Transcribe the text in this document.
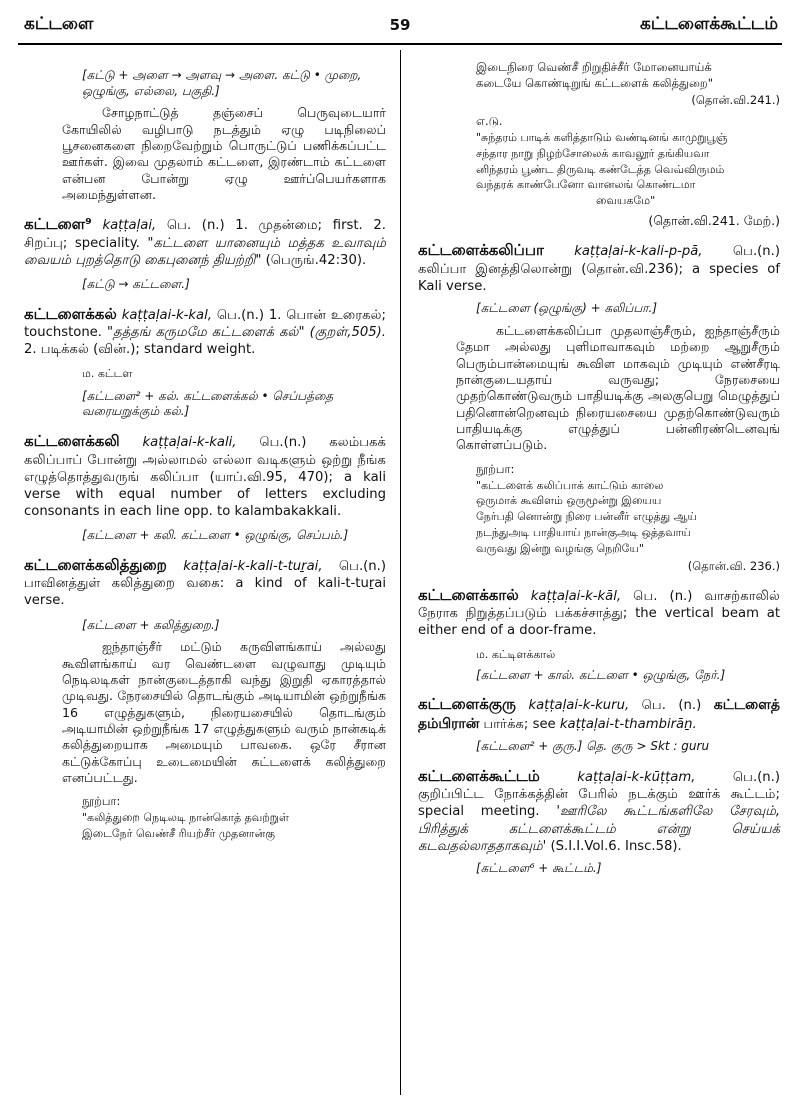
கட்டளை	59	கட்டளைக்கூட்டம்
[கட்டு + அளை → அளவு → அளை. கட்டு • முறை, ஒழுங்கு, எல்லை, பகுதி.]
சோழநாட்டுத் தஞ்சைப் பெருவுடையார் கோயிலில் வழிபாடு நடத்தும் ஏழு படிநிலைப் பூசனைகளை நிறைவேற்றும் பொருட்டுப் பணிக்கப்பட்ட ஊர்கள். இவை முதலாம் கட்டளை, இரண்டாம் கட்டளை என்பன போன்று ஏழு ஊர்ப்பெயர்களாக அமைந்துள்ளன.
கட்டளை⁹ kaṭṭaḷai, பெ. (n.) 1. முதன்மை; first. 2. சிறப்பு; speciality. "கட்டளை யானையும் மத்தக உவாவும் வையம் புறத்தொடு கைபுனைந் தியற்றி" (பெருங்.42:30).
[கட்டு → கட்டளை.]
கட்டளைக்கல் kaṭṭaḷai-k-kal, பெ.(n.) 1. பொன் உரைகல்; touchstone. "தத்தங் கருமமே கட்டளைக் கல்" (குறள்,505). 2. படிக்கல் (வின்.); standard weight.
ம. கட்டள
[கட்டளை² + கல். கட்டளைக்கல் • செப்பத்தை வரையறுக்கும் கல்.]
கட்டளைக்கலி kaṭṭaḷai-k-kali, பெ.(n.) கலம்பகக் கலிப்பாப் போன்று அல்லாமல் எல்லா வடிகளும் ஒற்று நீங்க எழுத்தொத்துவருங் கலிப்பா (யாப்.வி.95, 470); a kali verse with equal number of letters excluding consonants in each line opp. to kalambakakkali.
[கட்டளை + கலி. கட்டளை • ஒழுங்கு, செப்பம்.]
கட்டளைக்கலித்துறை kaṭṭaḷai-k-kali-t-tuṟai, பெ.(n.) பாவினத்துள் கலித்துறை வகை: a kind of kali-t-tuṟai verse.
[கட்டளை + கலித்துறை.]
ஐந்தாஞ்சீர் மட்டும் கருவிளங்காய் அல்லது கூவிளங்காய் வர வெண்டளை வழுவாது முடியும் நெடிலடிகள் நான்குடைத்தாகி வந்து இறுதி ஏகாரத்தால் முடிவது. நேரசையில் தொடங்கும் அடியாமின் ஒற்றுநீங்க 16 எழுத்துகளும், நிரையசையில் தொடங்கும் அடியாமின் ஒற்றுநீங்க 17 எழுத்துகளும் வரும் நான்கடிக் கலித்துறையாக அமையும் பாவகை. ஒரே சீரான கட்டுக்கோப்பு உடைமையின் கட்டளைக் கலித்துறை எனப்பட்டது.
நூற்பா:
"கலித்துறை நெடிலடி நான்கொத் தவற்றுள்
இடைநேர் வெண்சீ ரியற்சீர் முதனான்கு
இடைநிரை வெண்சீ றிறுதிச்சீர் மோனையாய்க்
கடையே கொண்டிறுங் கட்டளைக் கலித்துறை"
(தொன்.வி.241.)
எ.டு.
"சுந்தரம் பாடிக் களித்தாடும் வண்டினங் காமுறுபூஞ்
சந்தார நாறு நிழற்சோலைக் காவலூர் தங்கியவா
னிந்தரம் பூண்ட திருவடி கண்டேத்த வெவ்விருமம்
வந்தரக் காண்பேனோ வானலங் கொண்டமா
வையகமே"
(தொன்.வி.241. மேற்.)
கட்டளைக்கலிப்பா kaṭṭaḷai-k-kali-p-pā, பெ.(n.) கலிப்பா இனத்திலொன்று (தொன்.வி.236); a species of Kali verse.
[கட்டளை (ஒழுங்கு) + கலிப்பா.]
கட்டளைக்கலிப்பா முதலாஞ்சீரும், ஐந்தாஞ்சீரும் தேமா அல்லது புளிமாவாகவும் மற்றை ஆறுசீரும் பெரும்பான்மையுங் கூவிள மாகவும் முடியும் எண்சீரடி நான்குடையதாய் வருவது; நேரசையை முதற்கொண்டுவரும் பாதியடிக்கு அலகுபெறு மெழுத்துப் பதினொன்றெனவும் நிரையசையை முதற்கொண்டுவரும் பாதியடிக்கு எழுத்துப் பன்னிரண்டெனவுங் கொள்ளப்படும்.
நூற்பா:
"கட்டளைக் கலிப்பாக் காட்டும் காலை
ஒருமாக் கூவிளம் ஒருமூன்று இயைய
நேர்பதி னொன்று நிரை பன்னீர் எழுத்து ஆய்
நடந்துஅடி பாதியாய் நான்குஅடி ஒத்தவாய்
வருவது இன்று வழங்கு நெறியே"
(தொன்.வி. 236.)
கட்டளைக்கால் kaṭṭaḷai-k-kāl, பெ. (n.) வாசற்காலில் நேராக நிறுத்தப்படும் பக்கச்சாத்து; the vertical beam at either end of a door-frame.
ம. கட்டிளக்கால்
[கட்டளை + கால். கட்டளை • ஒழுங்கு, நேர்.]
கட்டளைக்குரு kaṭṭaḷai-k-kuru, பெ. (n.) கட்டளைத் தம்பிரான் பார்க்க; see kaṭṭaḷai-t-thambirāṉ.
[கட்டளை² + குரு.] தெ. குரு > Skt : guru
கட்டளைக்கூட்டம்	kaṭṭaḷai-k-kūṭṭam, பெ.(n.) குறிப்பிட்ட நோக்கத்தின் பேரில் நடக்கும் ஊர்க் கூட்டம்; special meeting. 'ஊரிலே கூட்டங்களிலே சேரவும், பிரித்துக் கட்டளைக்கூட்டம் என்று செய்யக் கடவதல்லாததாகவும்' (S.I.I.Vol.6. Insc.58).
[கட்டளை⁶ + கூட்டம்.]
